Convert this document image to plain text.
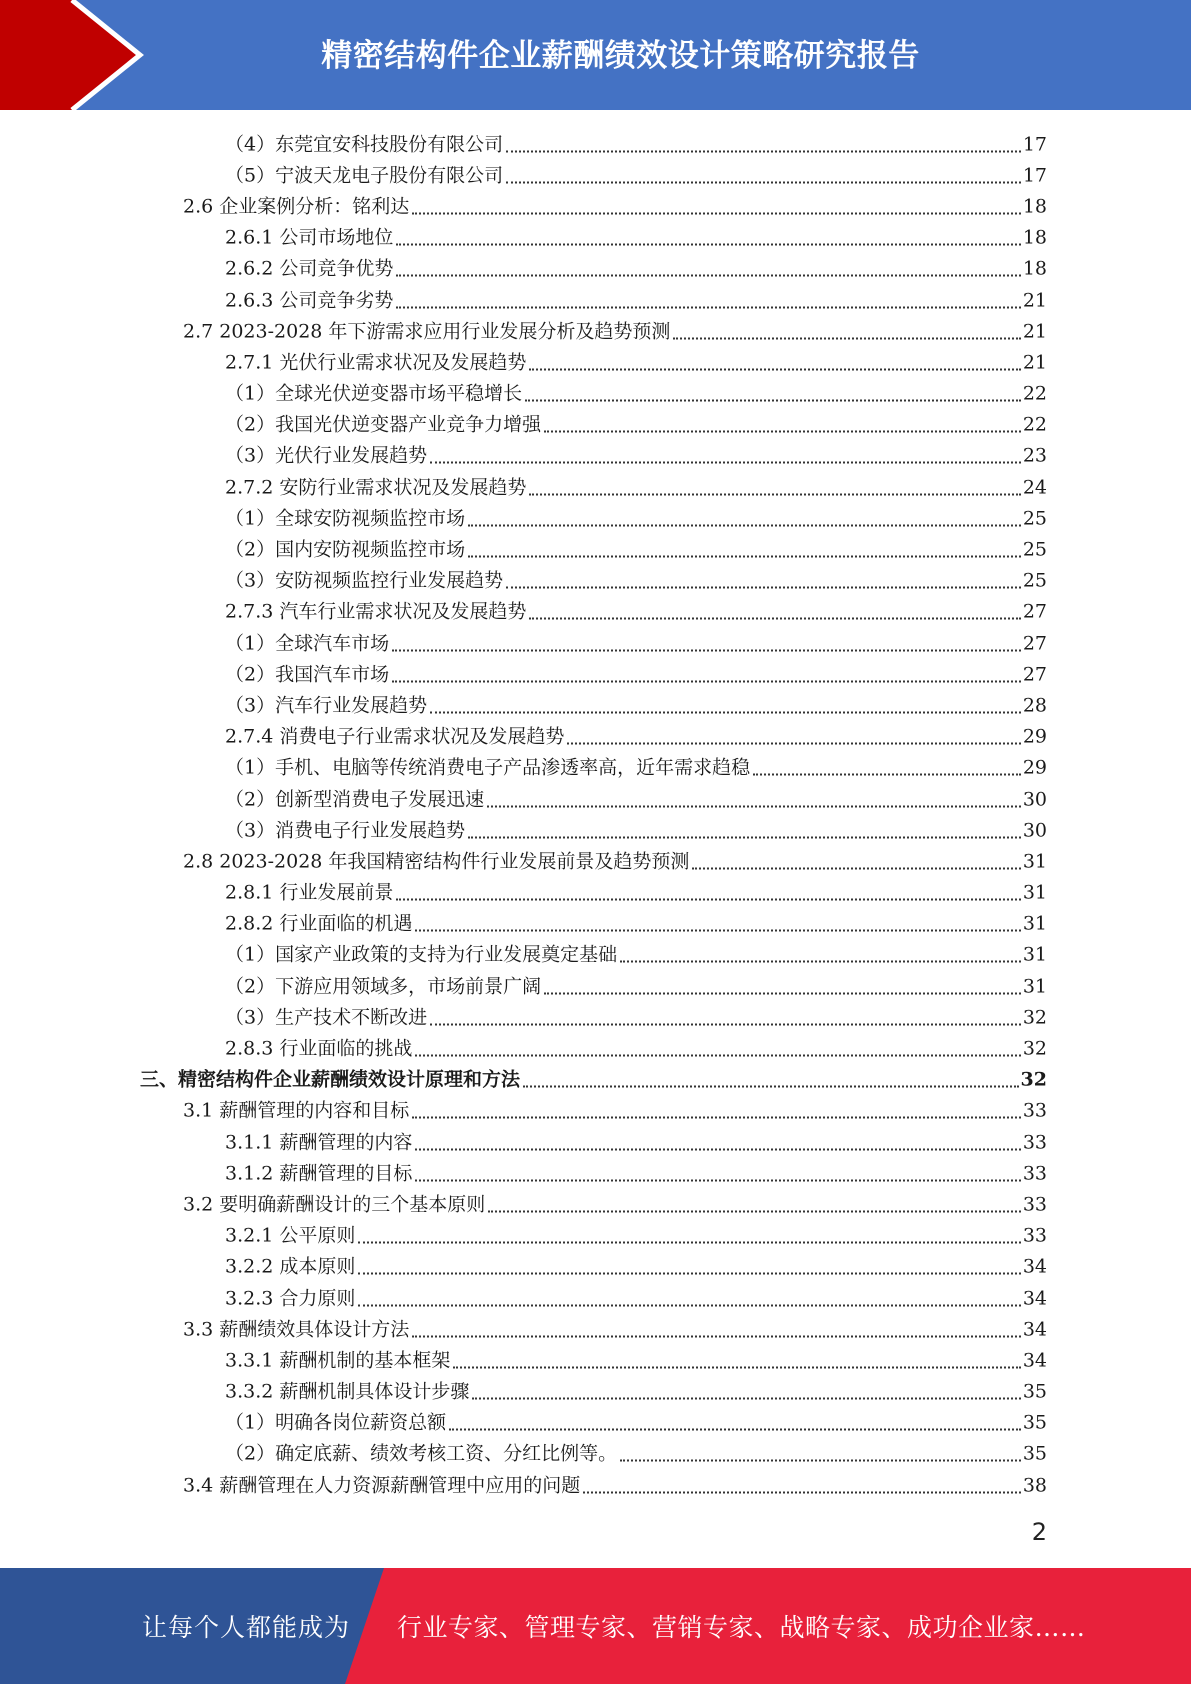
精密结构件企业薪酬绩效设计策略研究报告
（4）东莞宜安科技股份有限公司	17
（5）宁波天龙电子股份有限公司	17
2.6 企业案例分析：铭利达	18
2.6.1 公司市场地位	18
2.6.2 公司竞争优势	18
2.6.3 公司竞争劣势	21
2.7 2023-2028 年下游需求应用行业发展分析及趋势预测	21
2.7.1 光伏行业需求状况及发展趋势	21
（1）全球光伏逆变器市场平稳增长	22
（2）我国光伏逆变器产业竞争力增强	22
（3）光伏行业发展趋势	23
2.7.2 安防行业需求状况及发展趋势	24
（1）全球安防视频监控市场	25
（2）国内安防视频监控市场	25
（3）安防视频监控行业发展趋势	25
2.7.3 汽车行业需求状况及发展趋势	27
（1）全球汽车市场	27
（2）我国汽车市场	27
（3）汽车行业发展趋势	28
2.7.4 消费电子行业需求状况及发展趋势	29
（1）手机、电脑等传统消费电子产品渗透率高，近年需求趋稳	29
（2）创新型消费电子发展迅速	30
（3）消费电子行业发展趋势	30
2.8 2023-2028 年我国精密结构件行业发展前景及趋势预测	31
2.8.1 行业发展前景	31
2.8.2 行业面临的机遇	31
（1）国家产业政策的支持为行业发展奠定基础	31
（2）下游应用领域多，市场前景广阔	31
（3）生产技术不断改进	32
2.8.3 行业面临的挑战	32
三、精密结构件企业薪酬绩效设计原理和方法	32
3.1 薪酬管理的内容和目标	33
3.1.1 薪酬管理的内容	33
3.1.2 薪酬管理的目标	33
3.2 要明确薪酬设计的三个基本原则	33
3.2.1 公平原则	33
3.2.2 成本原则	34
3.2.3 合力原则	34
3.3 薪酬绩效具体设计方法	34
3.3.1 薪酬机制的基本框架	34
3.3.2 薪酬机制具体设计步骤	35
（1）明确各岗位薪资总额	35
（2）确定底薪、绩效考核工资、分红比例等。	35
3.4 薪酬管理在人力资源薪酬管理中应用的问题	38
2
让每个人都能成为 行业专家、管理专家、营销专家、战略专家、成功企业家……
